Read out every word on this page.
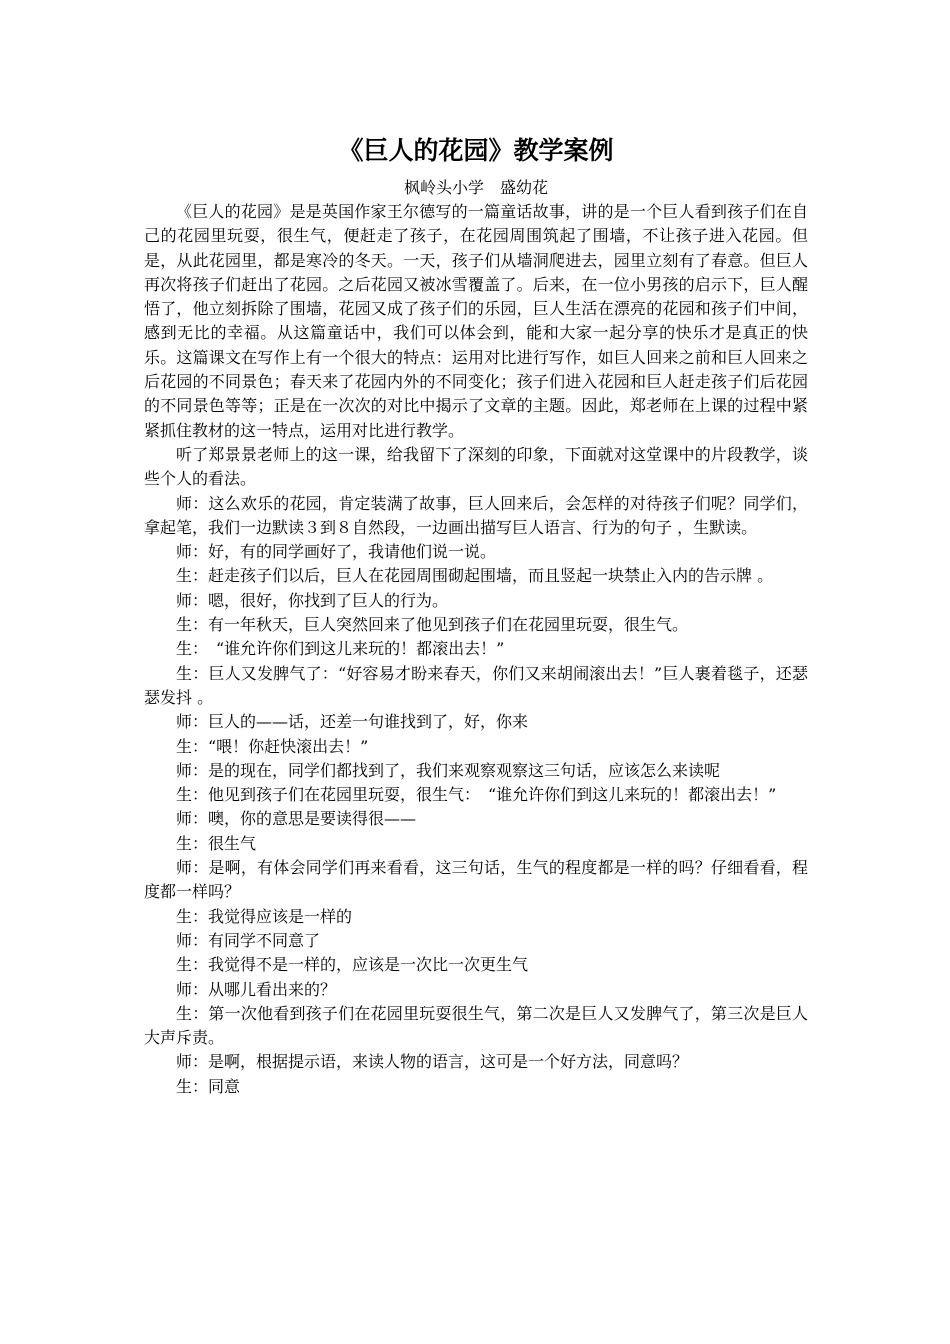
《巨人的花园》教学案例
枫岭头小学　盛幼花

《巨人的花园》是是英国作家王尔德写的一篇童话故事，讲的是一个巨人看到孩子们在自己的花园里玩耍，很生气，便赶走了孩子，在花园周围筑起了围墙，不让孩子进入花园。但是，从此花园里，都是寒冷的冬天。一天，孩子们从墙洞爬进去，园里立刻有了春意。但巨人再次将孩子们赶出了花园。之后花园又被冰雪覆盖了。后来，在一位小男孩的启示下，巨人醒悟了，他立刻拆除了围墙，花园又成了孩子们的乐园，巨人生活在漂亮的花园和孩子们中间，感到无比的幸福。从这篇童话中，我们可以体会到，能和大家一起分享的快乐才是真正的快乐。这篇课文在写作上有一个很大的特点：运用对比进行写作，如巨人回来之前和巨人回来之后花园的不同景色；春天来了花园内外的不同变化；孩子们进入花园和巨人赶走孩子们后花园的不同景色等等；正是在一次次的对比中揭示了文章的主题。因此，郑老师在上课的过程中紧紧抓住教材的这一特点，运用对比进行教学。

听了郑景景老师上的这一课，给我留下了深刻的印象，下面就对这堂课中的片段教学，谈些个人的看法。

师：这么欢乐的花园，肯定装满了故事，巨人回来后，会怎样的对待孩子们呢？同学们，拿起笔，我们一边默读３到８自然段，一边画出描写巨人语言、行为的句子 ，生默读。

师：好，有的同学画好了，我请他们说一说。

生：赶走孩子们以后，巨人在花园周围砌起围墙，而且竖起一块禁止入内的告示牌 。

师：嗯，很好，你找到了巨人的行为。

生：有一年秋天，巨人突然回来了他见到孩子们在花园里玩耍，很生气。

生：　“谁允许你们到这儿来玩的！都滚出去！”

生：巨人又发脾气了：“好容易才盼来春天，你们又来胡闹滚出去！”巨人裹着毯子，还瑟瑟发抖 。

师：巨人的——话，还差一句谁找到了，好，你来

生：“喂！你赶快滚出去！”

师：是的现在，同学们都找到了，我们来观察观察这三句话，应该怎么来读呢

生：他见到孩子们在花园里玩耍，很生气：　“谁允许你们到这儿来玩的！都滚出去！”

师：噢，你的意思是要读得很——

生：很生气

师：是啊，有体会同学们再来看看，这三句话，生气的程度都是一样的吗？仔细看看，程度都一样吗？

生：我觉得应该是一样的

师：有同学不同意了

生：我觉得不是一样的，应该是一次比一次更生气

师：从哪儿看出来的？

生：第一次他看到孩子们在花园里玩耍很生气，第二次是巨人又发脾气了，第三次是巨人大声斥责。

师：是啊，根据提示语，来读人物的语言，这可是一个好方法，同意吗？

生：同意
